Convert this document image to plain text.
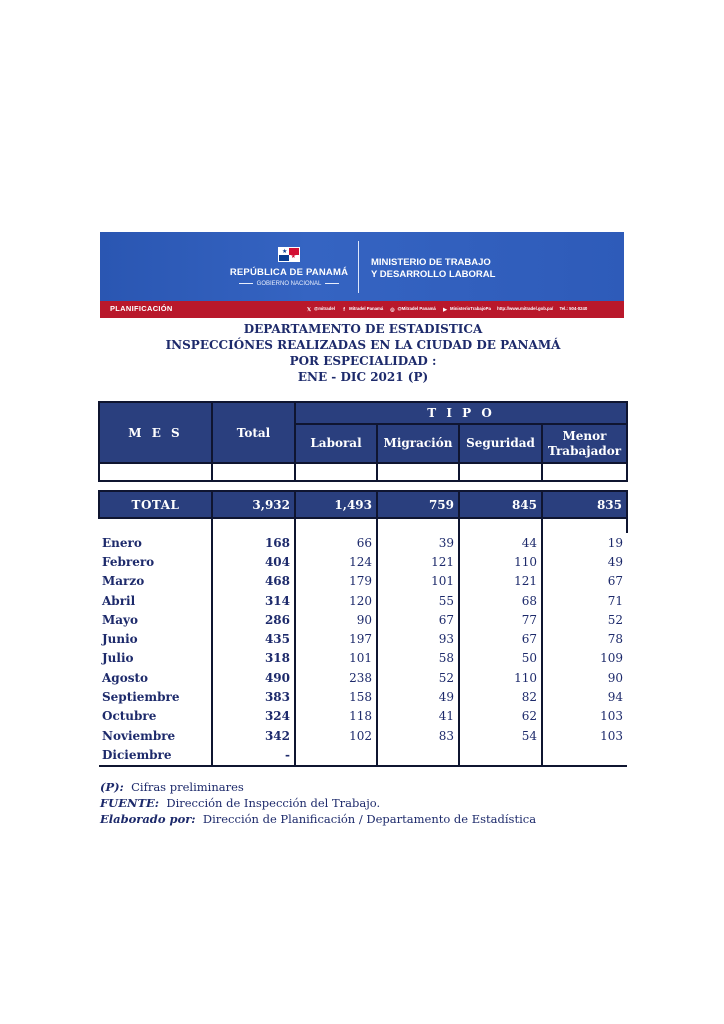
★
★
REPÚBLICA DE PANAMÁ
GOBIERNO NACIONAL
MINISTERIO DE TRABAJO
Y DESARROLLO LABORAL
PLANIFICACIÓN	𝕏 @mitradel f Mitradel Panamá ◎ @Mitradel Panamá ▶ MinisterioTrabajoPa http://www.mitradel.gob.pa/ Tel.: 504-0240
DEPARTAMENTO DE ESTADISTICA
INSPECCIÓNES REALIZADAS EN LA CIUDAD DE PANAMÁ
POR ESPECIALIDAD :
ENE - DIC 2021 (P)
M E S	Total	T I P O			
		Laboral	Migración	Seguridad	Menor
Trabajador

TOTAL	3,932	1,493	759	845	835

Enero	168	66	39	44	19
Febrero	404	124	121	110	49
Marzo	468	179	101	121	67
Abril	314	120	55	68	71
Mayo	286	90	67	77	52
Junio	435	197	93	67	78
Julio	318	101	58	50	109
Agosto	490	238	52	110	90
Septiembre	383	158	49	82	94
Octubre	324	118	41	62	103
Noviembre	342	102	83	54	103
Diciembre	-				
(P): Cifras preliminares
FUENTE: Dirección de Inspección del Trabajo.
Elaborado por: Dirección de Planificación / Departamento de Estadística
